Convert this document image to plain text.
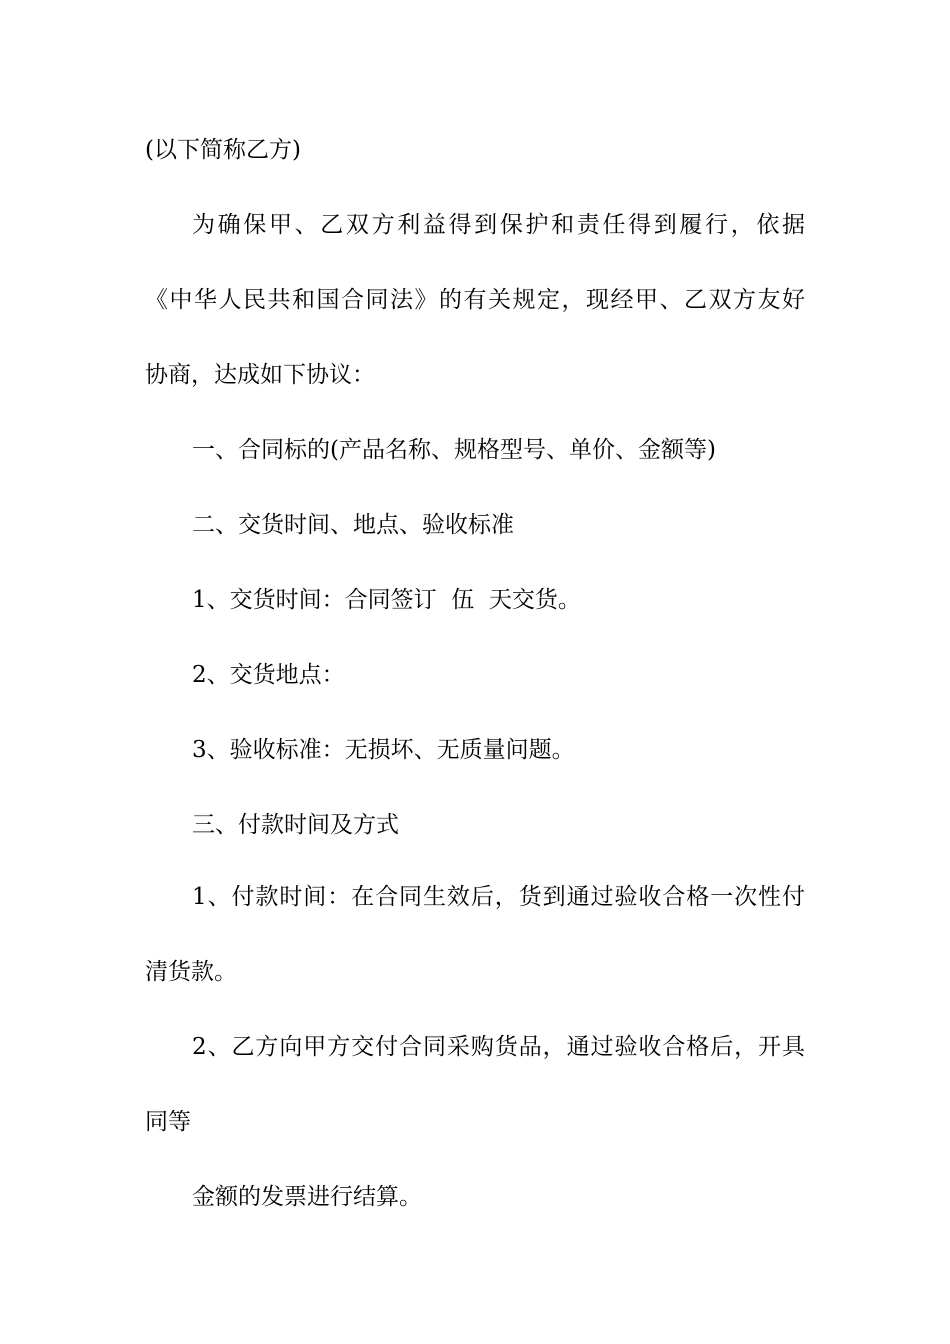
(以下简称乙方)

为确保甲、乙双方利益得到保护和责任得到履行，依据

《中华人民共和国合同法》的有关规定，现经甲、乙双方友好

协商，达成如下协议：

一、合同标的(产品名称、规格型号、单价、金额等)

二、交货时间、地点、验收标准

1、交货时间：合同签订  伍  天交货。

2、交货地点：

3、验收标准：无损坏、无质量问题。

三、付款时间及方式

1、付款时间：在合同生效后，货到通过验收合格一次性付

清货款。

2、乙方向甲方交付合同采购货品，通过验收合格后，开具

同等

金额的发票进行结算。
